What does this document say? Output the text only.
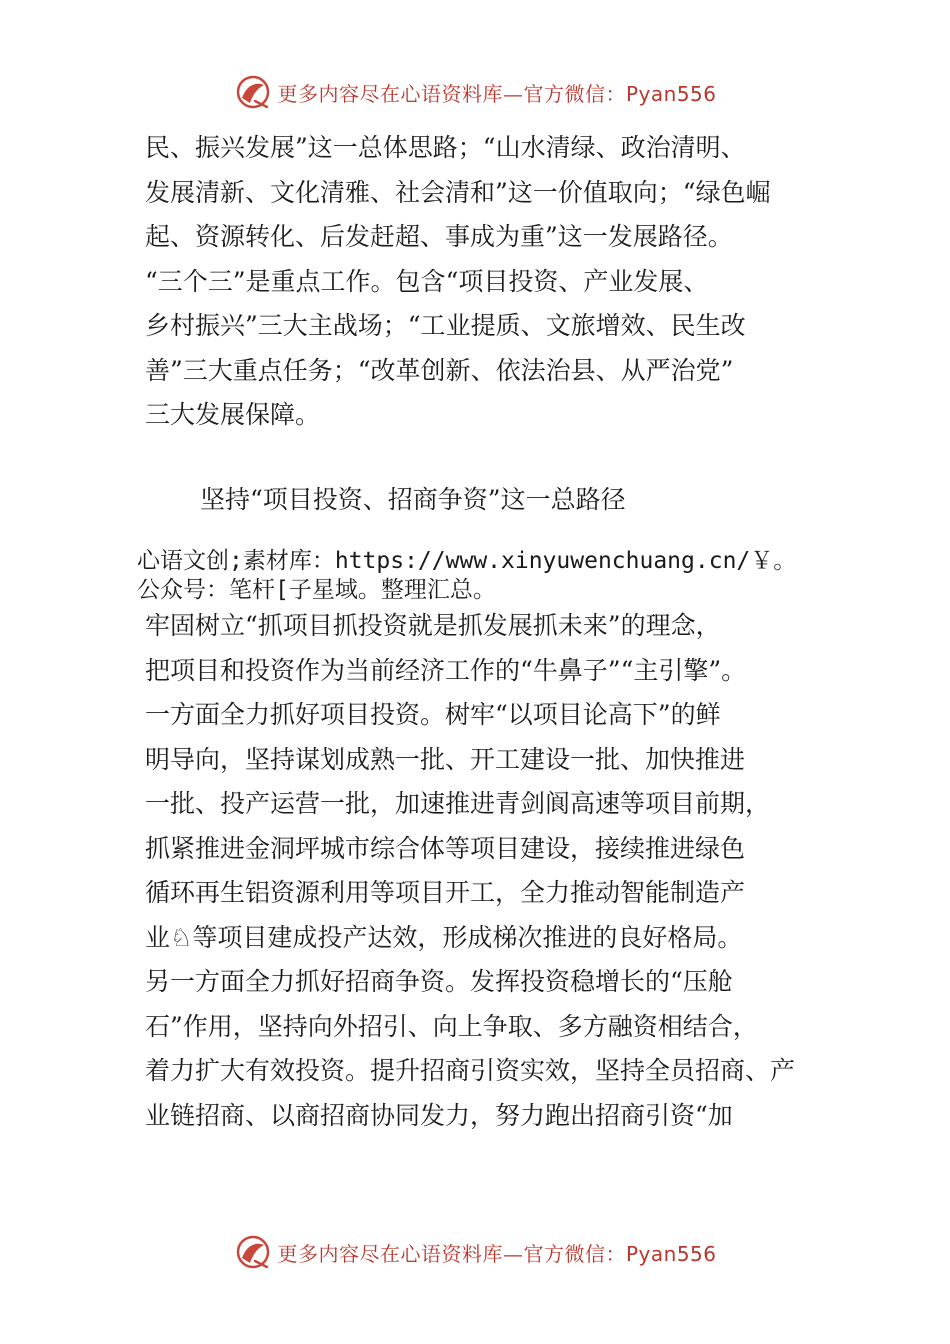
更多内容尽在心语资料库—官方微信：Pyan556
民、振兴发展”这一总体思路；“山水清绿、政治清明、
发展清新、文化清雅、社会清和”这一价值取向；“绿色崛
起、资源转化、后发赶超、事成为重”这一发展路径。
“三个三”是重点工作。包含“项目投资、产业发展、
乡村振兴”三大主战场；“工业提质、文旅增效、民生改
善”三大重点任务；“改革创新、依法治县、从严治党”
三大发展保障。
坚持“项目投资、招商争资”这一总路径
心语文创;素材库：https://www.xinyuwenchuang.cn/￥。
公众号：笔杆[子星域。整理汇总。
牢固树立“抓项目抓投资就是抓发展抓未来”的理念，
把项目和投资作为当前经济工作的“牛鼻子”“主引擎”。
一方面全力抓好项目投资。树牢“以项目论高下”的鲜
明导向，坚持谋划成熟一批、开工建设一批、加快推进
一批、投产运营一批，加速推进青剑阆高速等项目前期，
抓紧推进金洞坪城市综合体等项目建设，接续推进绿色
循环再生铝资源利用等项目开工，全力推动智能制造产
业♘等项目建成投产达效，形成梯次推进的良好格局。
另一方面全力抓好招商争资。发挥投资稳增长的“压舱
石”作用，坚持向外招引、向上争取、多方融资相结合，
着力扩大有效投资。提升招商引资实效，坚持全员招商、产
业链招商、以商招商协同发力，努力跑出招商引资“加
更多内容尽在心语资料库—官方微信：Pyan556
